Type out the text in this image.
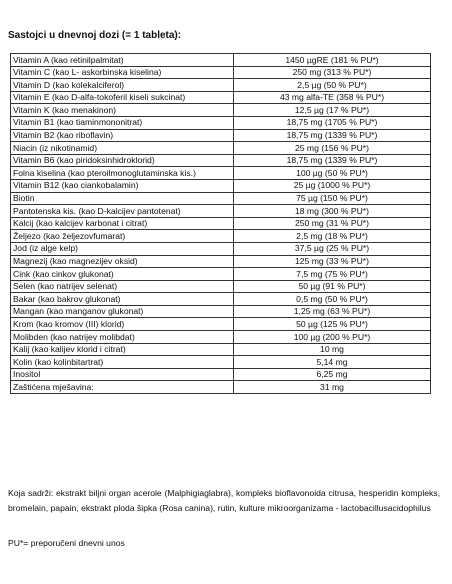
Sastojci u dnevnoj dozi (= 1 tableta):
Vitamin A (kao retinilpalmitat)	1450 µgRE (181 % PU*)
Vitamin C (kao L- askorbinska kiselina)	250 mg (313 % PU*)
Vitamin D (kao kolekalciferol)	2,5 µg (50 % PU*)
Vitamin E (kao D-alfa-tokoferil kiseli sukcinat)	43 mg alfa-TE (358 % PU*)
Vitamin K (kao menakinon)	12,5 µg (17 % PU*)
Vitamin B1 (kao tiaminmononitrat)	18,75 mg (1705 % PU*)
Vitamin B2 (kao riboflavin)	18,75 mg (1339 % PU*)
Niacin (iz nikotinamid)	25 mg (156 % PU*)
Vitamin B6 (kao piridoksinhidroklorid)	18,75 mg (1339 % PU*)
Folna kiselina (kao pteroilmonoglutaminska kis.)	100 µg (50 % PU*)
Vitamin B12 (kao ciankobalamin)	25 µg (1000 % PU*)
Biotin	75 µg (150 % PU*)
Pantotenska kis. (kao D-kalcijev pantotenat)	18 mg (300 % PU*)
Kalcij (kao kalcijev karbonat i citrat)	250 mg (31 % PU*)
Željezo (kao željezovfumarat)	2,5 mg (18 % PU*)
Jod (iz alge kelp)	37,5 µg (25 % PU*)
Magnezij (kao magnezijev oksid)	125 mg (33 % PU*)
Cink (kao cinkov glukonat)	7,5 mg (75 % PU*)
Selen (kao natrijev selenat)	50 µg (91 % PU*)
Bakar (kao bakrov glukonat)	0,5 mg (50 % PU*)
Mangan (kao manganov glukonat)	1,25 mg (63 % PU*)
Krom (kao kromov (III) klorid)	50 µg (125 % PU*)
Molibden (kao natrijev molibdat)	100 µg (200 % PU*)
Kalij (kao kalijev klorid i citrat)	10 mg
Kolin (kao kolinbitartrat)	5,14 mg
Inositol	6,25 mg
Zaštićena mješavina:	31 mg
Koja sadrži: ekstrakt biljni organ acerole (Malphigiaglabra), kompleks bioflavonoida citrusa, hesperidin kompleks, bromelain, papain, ekstrakt ploda šipka (Rosa canina), rutin, kulture mikroorganizama - lactobacillusacidophilus
PU*= preporučeni dnevni unos
